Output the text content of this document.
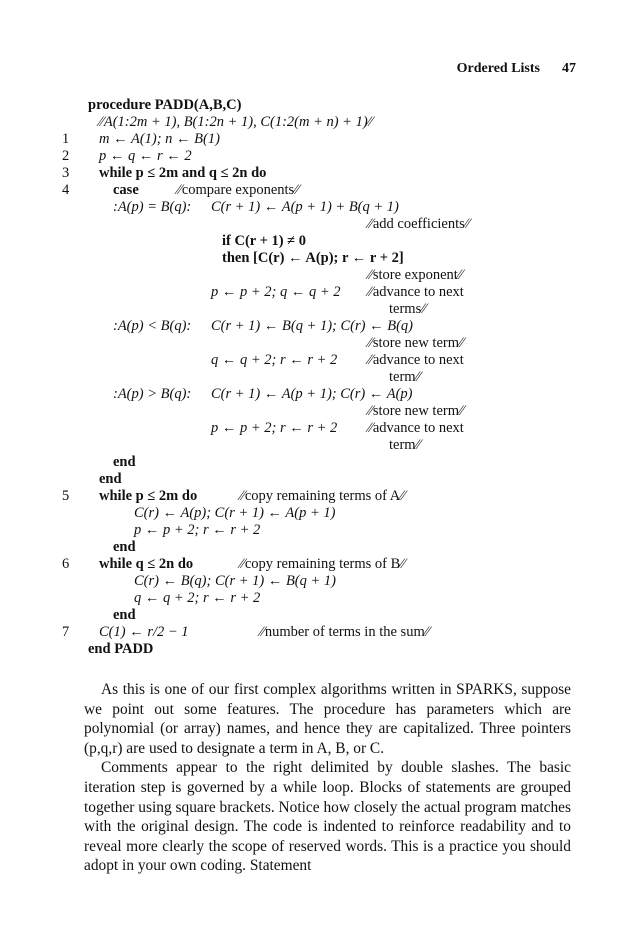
Ordered Lists 47
procedure PADD(A,B,C)
⁄⁄A(1:2m + 1), B(1:2n + 1), C(1:2(m + n) + 1)⁄⁄
1 m ← A(1); n ← B(1)
2 p ← q ← r ← 2
3 while p ≤ 2m and q ≤ 2n do
4	case	⁄⁄compare exponents⁄⁄
:A(p) = B(q): C(r + 1) ← A(p + 1) + B(q + 1)
⁄⁄add coefficients⁄⁄
if C(r + 1) ≠ 0
then [C(r) ← A(p); r ← r + 2]
⁄⁄store exponent⁄⁄
p ← p + 2; q ← q + 2 ⁄⁄advance to next
terms⁄⁄
:A(p) < B(q): C(r + 1) ← B(q + 1); C(r) ← B(q)
⁄⁄store new term⁄⁄
q ← q + 2; r ← r + 2 ⁄⁄advance to next
term⁄⁄
:A(p) > B(q): C(r + 1) ← A(p + 1); C(r) ← A(p)
⁄⁄store new term⁄⁄
p ← p + 2; r ← r + 2 ⁄⁄advance to next
term⁄⁄
end
end
5 while p ≤ 2m do	⁄⁄copy remaining terms of A⁄⁄
C(r) ← A(p); C(r + 1) ← A(p + 1)
p ← p + 2; r ← r + 2
end
6 while q ≤ 2n do	⁄⁄copy remaining terms of B⁄⁄
C(r) ← B(q); C(r + 1) ← B(q + 1)
q ← q + 2; r ← r + 2
end
7 C(1) ← r/2 − 1	⁄⁄number of terms in the sum⁄⁄
end PADD

As this is one of our first complex algorithms written in SPARKS, suppose we point out some features. The procedure has parameters which are polynomial (or array) names, and hence they are capitalized. Three pointers (p,q,r) are used to designate a term in A, B, or C.

Comments appear to the right delimited by double slashes. The basic iteration step is governed by a while loop. Blocks of statements are grouped together using square brackets. Notice how closely the actual program matches with the original design. The code is indented to reinforce readability and to reveal more clearly the scope of reserved words. This is a practice you should adopt in your own coding. Statement
